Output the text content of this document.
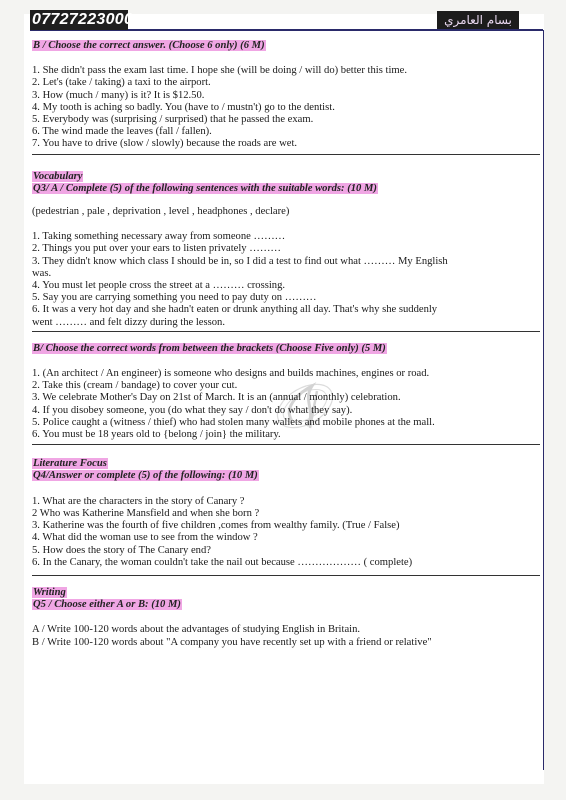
07727223000	بسام العامري
B / Choose the correct answer. (Choose 6 only) (6 M)
1. She didn't pass the exam last time. I hope she (will be doing / will do) better this time.
2. Let's (take / taking) a taxi to the airport.
3. How (much / many) is it? It is $12.50.
4. My tooth is aching so badly. You (have to / mustn't) go to the dentist.
5. Everybody was (surprising / surprised) that he passed the exam.
6. The wind made the leaves (fall / fallen).
7. You have to drive (slow / slowly) because the roads are wet.
Vocabulary
Q3/ A / Complete (5) of the following sentences with the suitable words: (10 M)
(pedestrian , pale , deprivation , level , headphones , declare)
1. Taking something necessary away from someone ………
2. Things you put over your ears to listen privately ………
3. They didn't know which class I should be in, so I did a test to find out what ……… My English
was.
4. You must let people cross the street at a ……… crossing.
5. Say you are carrying something you need to pay duty on ………
6. It was a very hot day and she hadn't eaten or drunk anything all day. That's why she suddenly
went ……… and felt dizzy during the lesson.
B/ Choose the correct words from between the brackets (Choose Five only) (5 M)
1. (An architect / An engineer) is someone who designs and builds machines, engines or road.
2. Take this (cream / bandage) to cover your cut.
3. We celebrate Mother's Day on 21st of March. It is an (annual / monthly) celebration.
4. If you disobey someone, you (do what they say / don't do what they say).
5. Police caught a (witness / thief) who had stolen many wallets and mobile phones at the mall.
6. You must be 18 years old to {belong / join} the military.
Literature Focus
Q4/Answer or complete (5) of the following: (10 M)
1. What are the characters in the story of Canary ?
2 Who was Katherine Mansfield and when she born ?
3. Katherine was the fourth of five children ,comes from wealthy family. (True / False)
4. What did the woman use to see from the window ?
5. How does the story of The Canary end?
6. In the Canary, the woman couldn't take the nail out because ……………… ( complete)
Writing
Q5 / Choose either A or B: (10 M)
A / Write 100-120 words about the advantages of studying English in Britain.
B / Write 100-120 words about "A company you have recently set up with a friend or relative"
